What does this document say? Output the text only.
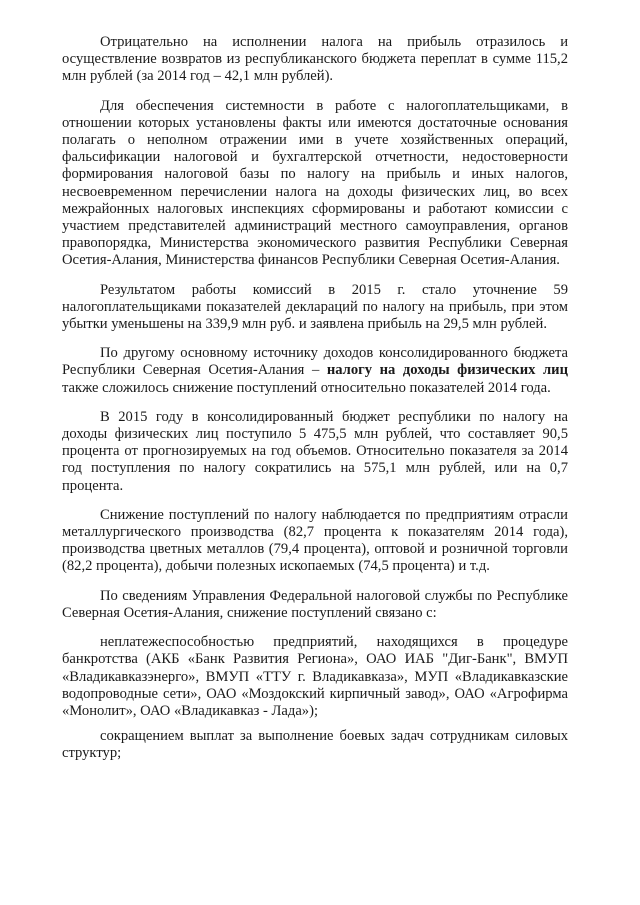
Отрицательно на исполнении налога на прибыль отразилось и осуществление возвратов из республиканского бюджета переплат в сумме 115,2 млн рублей (за 2014 год – 42,1 млн рублей).

Для обеспечения системности в работе с налогоплательщиками, в отношении которых установлены факты или имеются достаточные основания полагать о неполном отражении ими в учете хозяйственных операций, фальсификации налоговой и бухгалтерской отчетности, недостоверности формирования налоговой базы по налогу на прибыль и иных налогов, несвоевременном перечислении налога на доходы физических лиц, во всех межрайонных налоговых инспекциях сформированы и работают комиссии с участием представителей администраций местного самоуправления, органов правопорядка, Министерства экономического развития Республики Северная Осетия-Алания, Министерства финансов Республики Северная Осетия-Алания.

Результатом работы комиссий в 2015 г. стало уточнение 59 налогоплательщиками показателей деклараций по налогу на прибыль, при этом убытки уменьшены на 339,9 млн руб. и заявлена прибыль на 29,5 млн рублей.

По другому основному источнику доходов консолидированного бюджета Республики Северная Осетия-Алания – налогу на доходы физических лиц также сложилось снижение поступлений относительно показателей 2014 года.

В 2015 году в консолидированный бюджет республики по налогу на доходы физических лиц поступило 5 475,5 млн рублей, что составляет 90,5 процента от прогнозируемых на год объемов. Относительно показателя за 2014 год поступления по налогу сократились на 575,1 млн рублей, или на 0,7 процента.

Снижение поступлений по налогу наблюдается по предприятиям отрасли металлургического производства (82,7 процента к показателям 2014 года), производства цветных металлов (79,4 процента), оптовой и розничной торговли (82,2 процента), добычи полезных ископаемых (74,5 процента) и т.д.

По сведениям Управления Федеральной налоговой службы по Республике Северная Осетия-Алания, снижение поступлений связано с:

неплатежеспособностью предприятий, находящихся в процедуре банкротства (АКБ «Банк Развития Региона», ОАО ИАБ "Диг-Банк", ВМУП «Владикавказэнерго», ВМУП «ТТУ г. Владикавказа», МУП «Владикавказские водопроводные сети», ОАО «Моздокский кирпичный завод», ОАО «Агрофирма «Монолит», ОАО «Владикавказ - Лада»);

сокращением выплат за выполнение боевых задач сотрудникам силовых структур;
